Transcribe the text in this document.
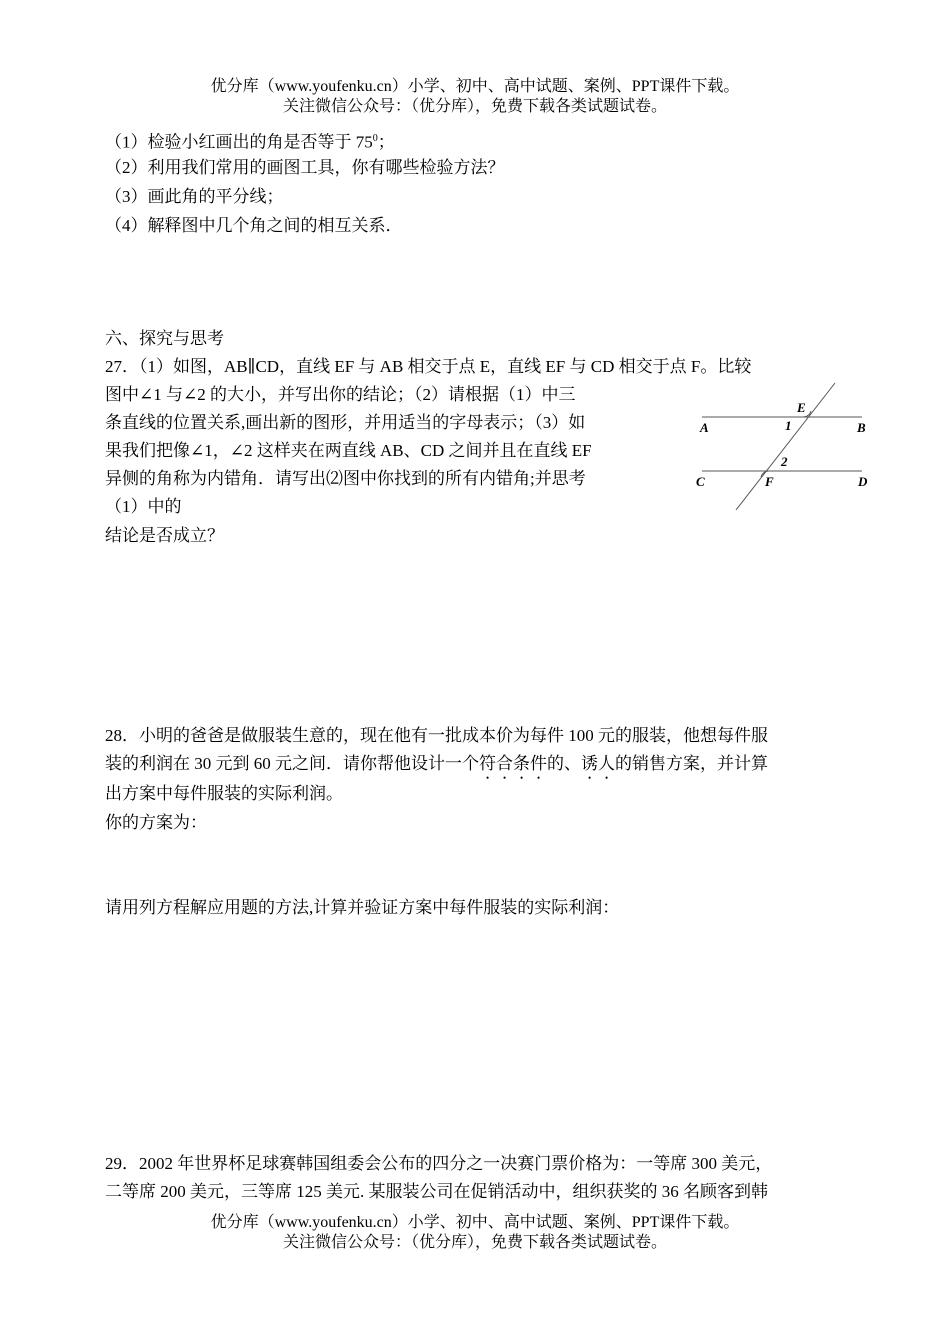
优分库（www.youfenku.cn）小学、初中、高中试题、案例、PPT课件下载。
关注微信公众号：（优分库），免费下载各类试题试卷。
（1）检验小红画出的角是否等于 $75^0$；
（2）利用我们常用的画图工具，你有哪些检验方法？
（3）画此角的平分线；
（4）解释图中几个角之间的相互关系．
六、探究与思考
27．（1）如图，AB∥CD，直线 EF 与 AB 相交于点 E，直线 EF 与 CD 相交于点 F。比较
图中∠1 与∠2 的大小，并写出你的结论；（2）请根据（1）中三
条直线的位置关系,画出新的图形，并用适当的字母表示；（3）如
果我们把像∠1，∠2 这样夹在两直线 AB、CD 之间并且在直线 EF
异侧的角称为内错角．请写出⑵图中你找到的所有内错角;并思考
（1）中的
结论是否成立？
A	B
C	D
E
F
1
2
28．小明的爸爸是做服装生意的，现在他有一批成本价为每件 100 元的服装，他想每件服
装的利润在 30 元到 60 元之间．请你帮他设计一个符合条件的、诱人的销售方案，并计算
出方案中每件服装的实际利润。
你的方案为：
请用列方程解应用题的方法,计算并验证方案中每件服装的实际利润：
29．2002 年世界杯足球赛韩国组委会公布的四分之一决赛门票价格为：一等席 300 美元，
二等席 200 美元，三等席 125 美元. 某服装公司在促销活动中，组织获奖的 36 名顾客到韩
优分库（www.youfenku.cn）小学、初中、高中试题、案例、PPT课件下载。
关注微信公众号：（优分库），免费下载各类试题试卷。
